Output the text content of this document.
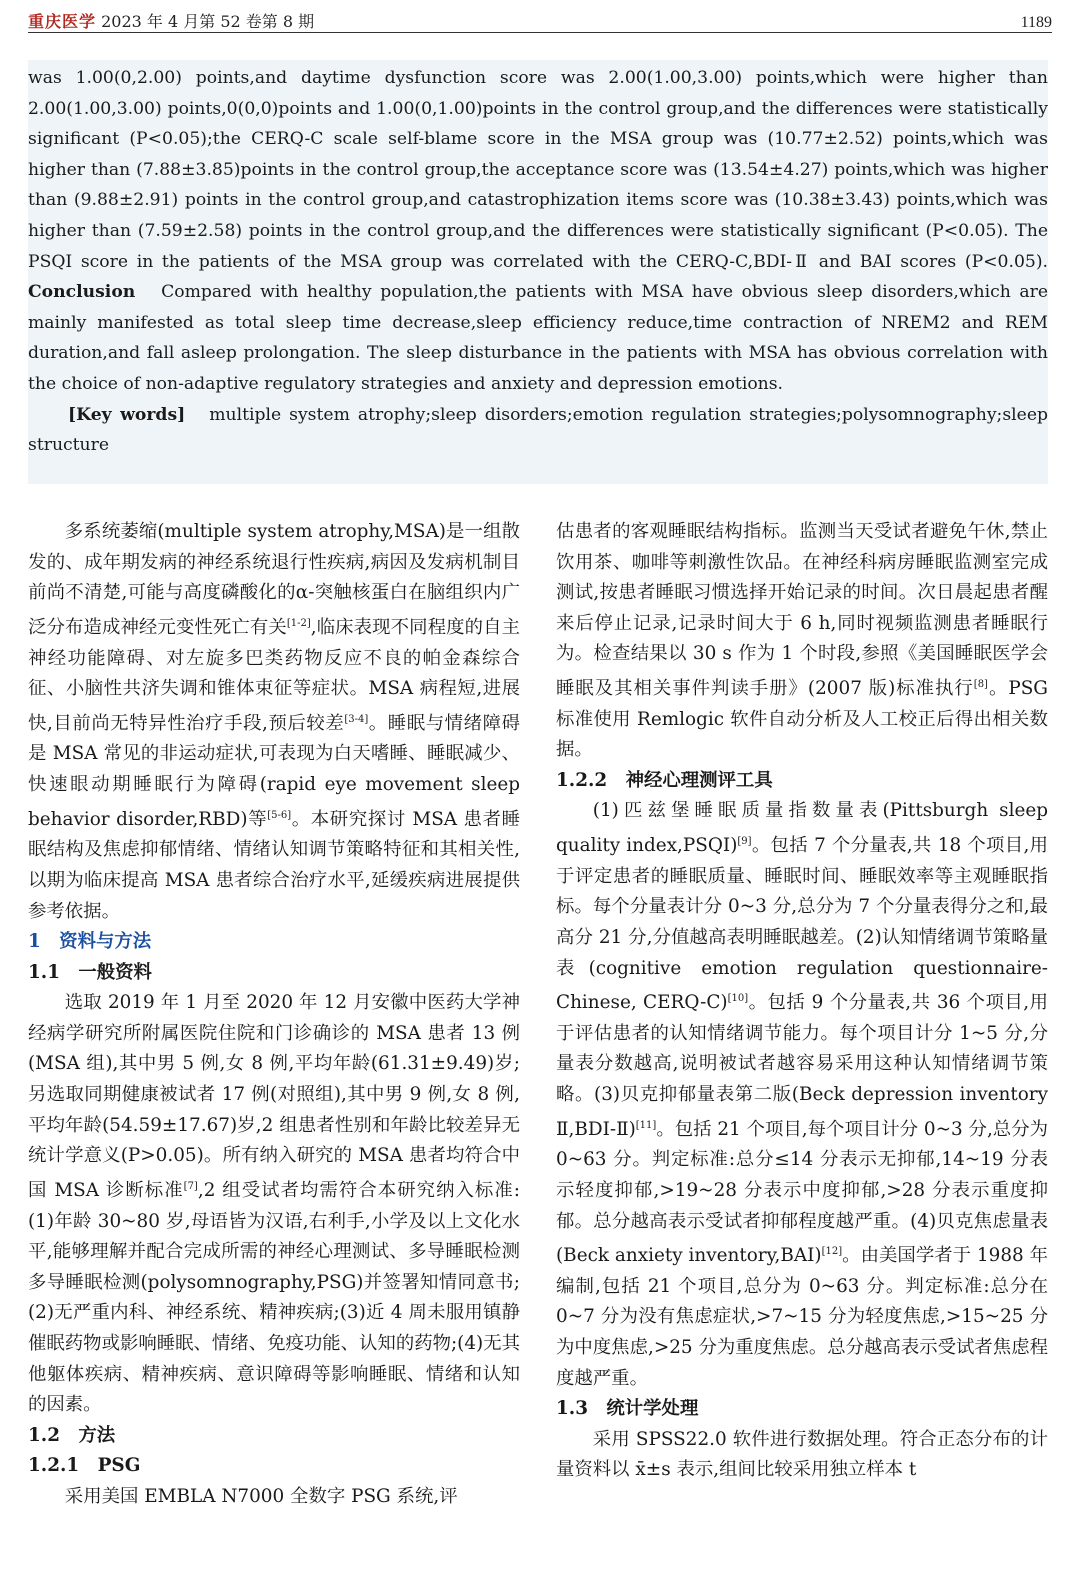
重庆医学 2023 年 4 月第 52 卷第 8 期	1189

was 1.00(0,2.00) points,and daytime dysfunction score was 2.00(1.00,3.00) points,which were higher than 2.00(1.00,3.00) points,0(0,0)points and 1.00(0,1.00)points in the control group,and the differences were statistically significant (P<0.05);the CERQ-C scale self-blame score in the MSA group was (10.77±2.52) points,which was higher than (7.88±3.85)points in the control group,the acceptance score was (13.54±4.27) points,which was higher than (9.88±2.91) points in the control group,and catastrophization items score was (10.38±3.43) points,which was higher than (7.59±2.58) points in the control group,and the differences were statistically significant (P<0.05). The PSQI score in the patients of the MSA group was correlated with the CERQ-C,BDI-Ⅱ and BAI scores (P<0.05). Conclusion Compared with healthy population,the patients with MSA have obvious sleep disorders,which are mainly manifested as total sleep time decrease,sleep efficiency reduce,time contraction of NREM2 and REM duration,and fall asleep prolongation. The sleep disturbance in the patients with MSA has obvious correlation with the choice of non-adaptive regulatory strategies and anxiety and depression emotions.

[Key words] multiple system atrophy;sleep disorders;emotion regulation strategies;polysomnography;sleep structure

多系统萎缩(multiple system atrophy,MSA)是一组散发的、成年期发病的神经系统退行性疾病,病因及发病机制目前尚不清楚,可能与高度磷酸化的α-突触核蛋白在脑组织内广泛分布造成神经元变性死亡有关[1-2],临床表现不同程度的自主神经功能障碍、对左旋多巴类药物反应不良的帕金森综合征、小脑性共济失调和锥体束征等症状。MSA 病程短,进展快,目前尚无特异性治疗手段,预后较差[3-4]。睡眠与情绪障碍是 MSA 常见的非运动症状,可表现为白天嗜睡、睡眠减少、快速眼动期睡眠行为障碍(rapid eye movement sleep behavior disorder,RBD)等[5-6]。本研究探讨 MSA 患者睡眠结构及焦虑抑郁情绪、情绪认知调节策略特征和其相关性,以期为临床提高 MSA 患者综合治疗水平,延缓疾病进展提供参考依据。

1　资料与方法
1.1　一般资料

选取 2019 年 1 月至 2020 年 12 月安徽中医药大学神经病学研究所附属医院住院和门诊确诊的 MSA 患者 13 例(MSA 组),其中男 5 例,女 8 例,平均年龄(61.31±9.49)岁;另选取同期健康被试者 17 例(对照组),其中男 9 例,女 8 例,平均年龄(54.59±17.67)岁,2 组患者性别和年龄比较差异无统计学意义(P>0.05)。所有纳入研究的 MSA 患者均符合中国 MSA 诊断标准[7],2 组受试者均需符合本研究纳入标准:(1)年龄 30~80 岁,母语皆为汉语,右利手,小学及以上文化水平,能够理解并配合完成所需的神经心理测试、多导睡眠检测多导睡眠检测(polysomnography,PSG)并签署知情同意书;(2)无严重内科、神经系统、精神疾病;(3)近 4 周未服用镇静催眠药物或影响睡眠、情绪、免疫功能、认知的药物;(4)无其他躯体疾病、精神疾病、意识障碍等影响睡眠、情绪和认知的因素。

1.2　方法
1.2.1　PSG

采用美国 EMBLA N7000 全数字 PSG 系统,评

估患者的客观睡眠结构指标。监测当天受试者避免午休,禁止饮用茶、咖啡等刺激性饮品。在神经科病房睡眠监测室完成测试,按患者睡眠习惯选择开始记录的时间。次日晨起患者醒来后停止记录,记录时间大于 6 h,同时视频监测患者睡眠行为。检查结果以 30 s 作为 1 个时段,参照《美国睡眠医学会睡眠及其相关事件判读手册》(2007 版)标准执行[8]。PSG 标准使用 Remlogic 软件自动分析及人工校正后得出相关数据。

1.2.2　神经心理测评工具

(1)匹兹堡睡眠质量指数量表(Pittsburgh sleep quality index,PSQI)[9]。包括 7 个分量表,共 18 个项目,用于评定患者的睡眠质量、睡眠时间、睡眠效率等主观睡眠指标。每个分量表计分 0~3 分,总分为 7 个分量表得分之和,最高分 21 分,分值越高表明睡眠越差。(2)认知情绪调节策略量表(cognitive emotion regulation questionnaire-Chinese, CERQ-C)[10]。包括 9 个分量表,共 36 个项目,用于评估患者的认知情绪调节能力。每个项目计分 1~5 分,分量表分数越高,说明被试者越容易采用这种认知情绪调节策略。(3)贝克抑郁量表第二版(Beck depression inventory Ⅱ,BDI-Ⅱ)[11]。包括 21 个项目,每个项目计分 0~3 分,总分为 0~63 分。判定标准:总分≤14 分表示无抑郁,14~19 分表示轻度抑郁,>19~28 分表示中度抑郁,>28 分表示重度抑郁。总分越高表示受试者抑郁程度越严重。(4)贝克焦虑量表(Beck anxiety inventory,BAI)[12]。由美国学者于 1988 年编制,包括 21 个项目,总分为 0~63 分。判定标准:总分在 0~7 分为没有焦虑症状,>7~15 分为轻度焦虑,>15~25 分为中度焦虑,>25 分为重度焦虑。总分越高表示受试者焦虑程度越严重。

1.3　统计学处理

采用 SPSS22.0 软件进行数据处理。符合正态分布的计量资料以 x̄±s 表示,组间比较采用独立样本 t
